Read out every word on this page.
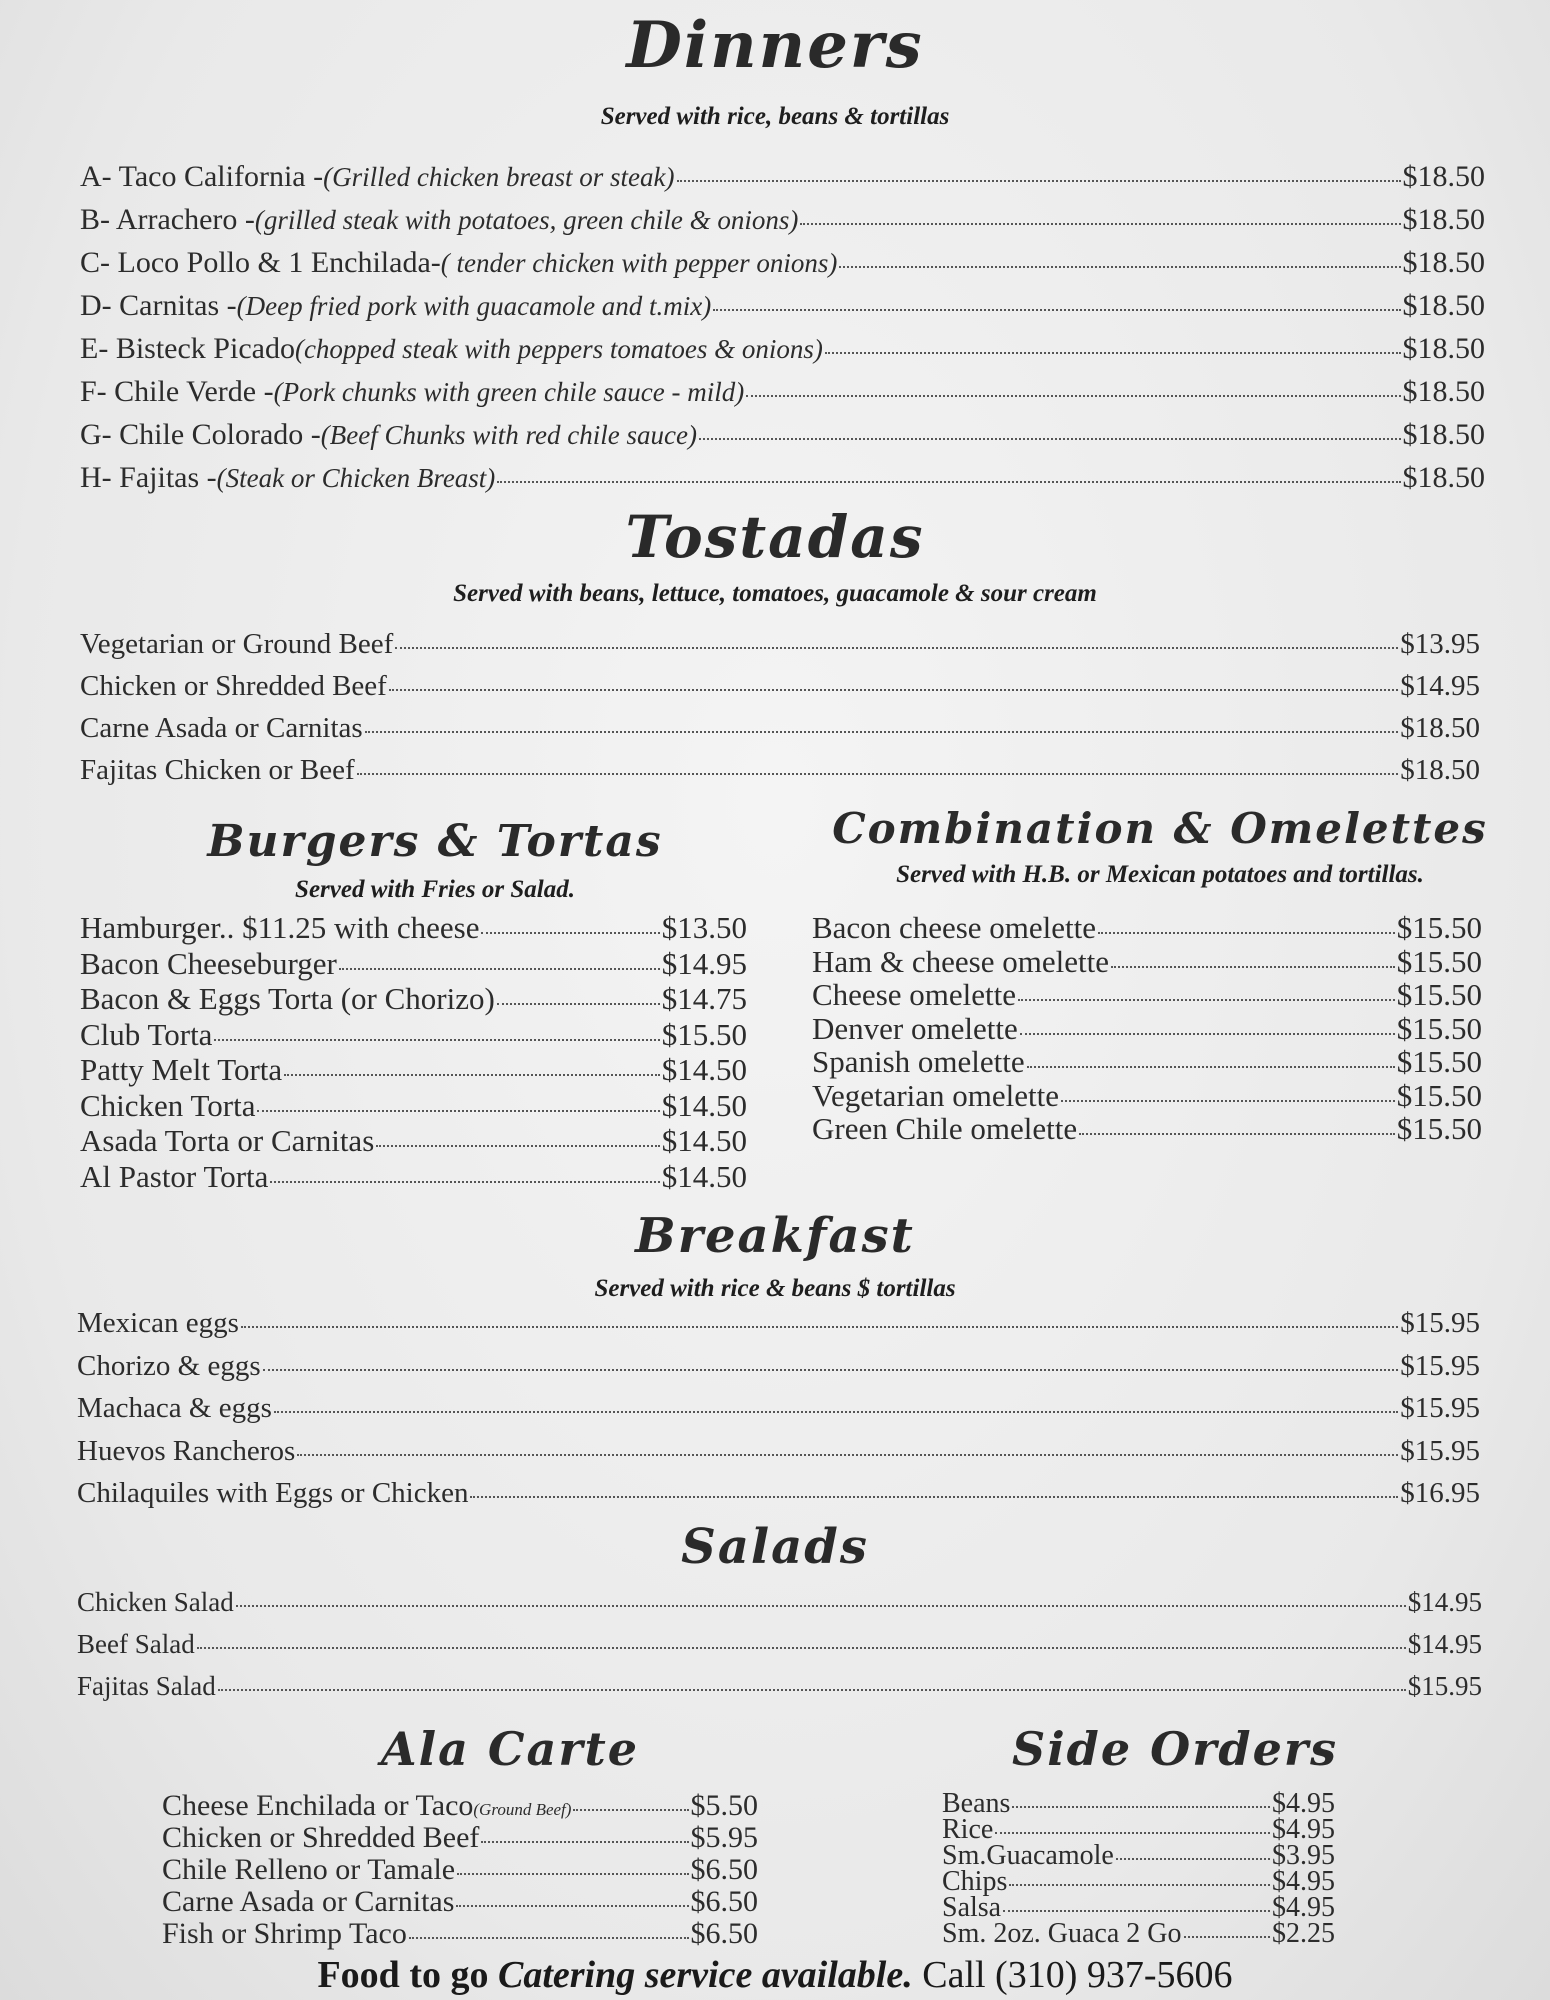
Dinners
Served with rice, beans & tortillas
A- Taco California - (Grilled chicken breast or steak)	$18.50
B- Arrachero - (grilled steak with potatoes, green chile & onions)	$18.50
C- Loco Pollo & 1 Enchilada- ( tender chicken with pepper onions)	$18.50
D- Carnitas - (Deep fried pork with guacamole and t.mix)	$18.50
E- Bisteck Picado (chopped steak with peppers tomatoes & onions)	$18.50
F- Chile Verde - (Pork chunks with green chile sauce - mild)	$18.50
G- Chile Colorado - (Beef Chunks with red chile sauce)	$18.50
H- Fajitas - (Steak or Chicken Breast)	$18.50
Tostadas
Served with beans, lettuce, tomatoes, guacamole & sour cream
Vegetarian or Ground Beef	$13.95
Chicken or Shredded Beef	$14.95
Carne Asada or Carnitas	$18.50
Fajitas Chicken or Beef	$18.50
Burgers & Tortas
Served with Fries or Salad.
Hamburger.. $11.25 with cheese	$13.50
Bacon Cheeseburger	$14.95
Bacon & Eggs Torta (or Chorizo)	$14.75
Club Torta	$15.50
Patty Melt Torta	$14.50
Chicken Torta	$14.50
Asada Torta or Carnitas	$14.50
Al Pastor Torta	$14.50
Combination & Omelettes
Served with H.B. or Mexican potatoes and tortillas.
Bacon cheese omelette	$15.50
Ham & cheese omelette	$15.50
Cheese omelette	$15.50
Denver omelette	$15.50
Spanish omelette	$15.50
Vegetarian omelette	$15.50
Green Chile omelette	$15.50
Breakfast
Served with rice & beans $ tortillas
Mexican eggs	$15.95
Chorizo & eggs	$15.95
Machaca & eggs	$15.95
Huevos Rancheros	$15.95
Chilaquiles with Eggs or Chicken	$16.95
Salads
Chicken Salad	$14.95
Beef Salad	$14.95
Fajitas Salad	$15.95
Ala Carte
Cheese Enchilada or Taco (Ground Beef)	$5.50
Chicken or Shredded Beef	$5.95
Chile Relleno or Tamale	$6.50
Carne Asada or Carnitas	$6.50
Fish or Shrimp Taco	$6.50
Side Orders
Beans	$4.95
Rice	$4.95
Sm.Guacamole	$3.95
Chips	$4.95
Salsa	$4.95
Sm. 2oz. Guaca 2 Go	$2.25
Food to go Catering service available. Call (310) 937-5606
